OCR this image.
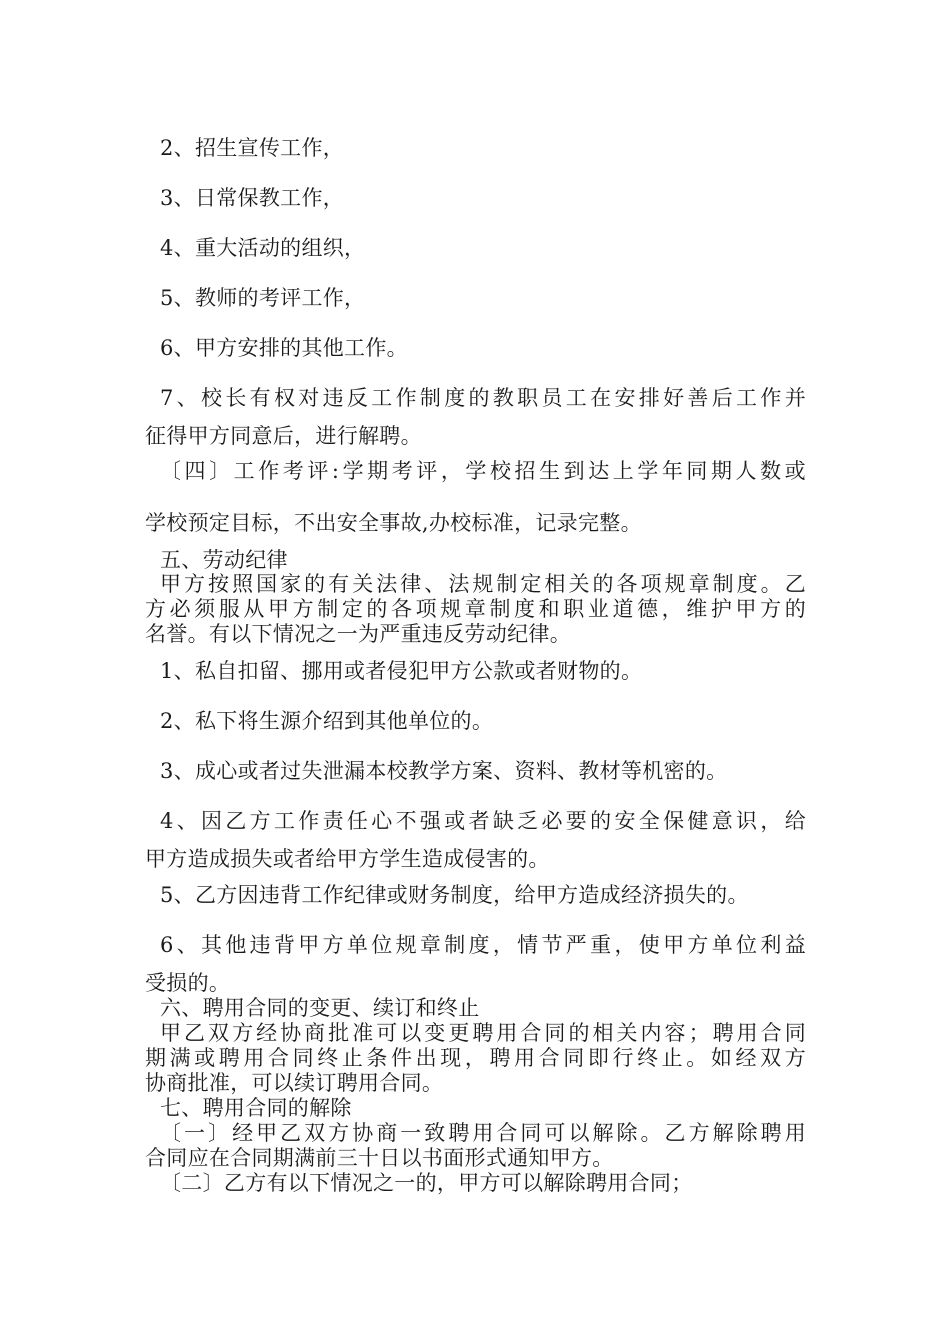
2、招生宣传工作，
3、日常保教工作，
4、重大活动的组织，
5、教师的考评工作，
6、甲方安排的其他工作。
7、校长有权对违反工作制度的教职员工在安排好善后工作并
征得甲方同意后，进行解聘。
〔四〕工作考评:学期考评，学校招生到达上学年同期人数或
学校预定目标，不出安全事故,办校标准，记录完整。
五、劳动纪律
甲方按照国家的有关法律、法规制定相关的各项规章制度。乙
方必须服从甲方制定的各项规章制度和职业道德，维护甲方的
名誉。有以下情况之一为严重违反劳动纪律。
1、私自扣留、挪用或者侵犯甲方公款或者财物的。
2、私下将生源介绍到其他单位的。
3、成心或者过失泄漏本校教学方案、资料、教材等机密的。
4、因乙方工作责任心不强或者缺乏必要的安全保健意识，给
甲方造成损失或者给甲方学生造成侵害的。
5、乙方因违背工作纪律或财务制度，给甲方造成经济损失的。
6、其他违背甲方单位规章制度，情节严重，使甲方单位利益
受损的。
六、聘用合同的变更、续订和终止
甲乙双方经协商批准可以变更聘用合同的相关内容；聘用合同
期满或聘用合同终止条件出现，聘用合同即行终止。如经双方
协商批准，可以续订聘用合同。
七、聘用合同的解除
〔一〕经甲乙双方协商一致聘用合同可以解除。乙方解除聘用
合同应在合同期满前三十日以书面形式通知甲方。
〔二〕乙方有以下情况之一的，甲方可以解除聘用合同；
